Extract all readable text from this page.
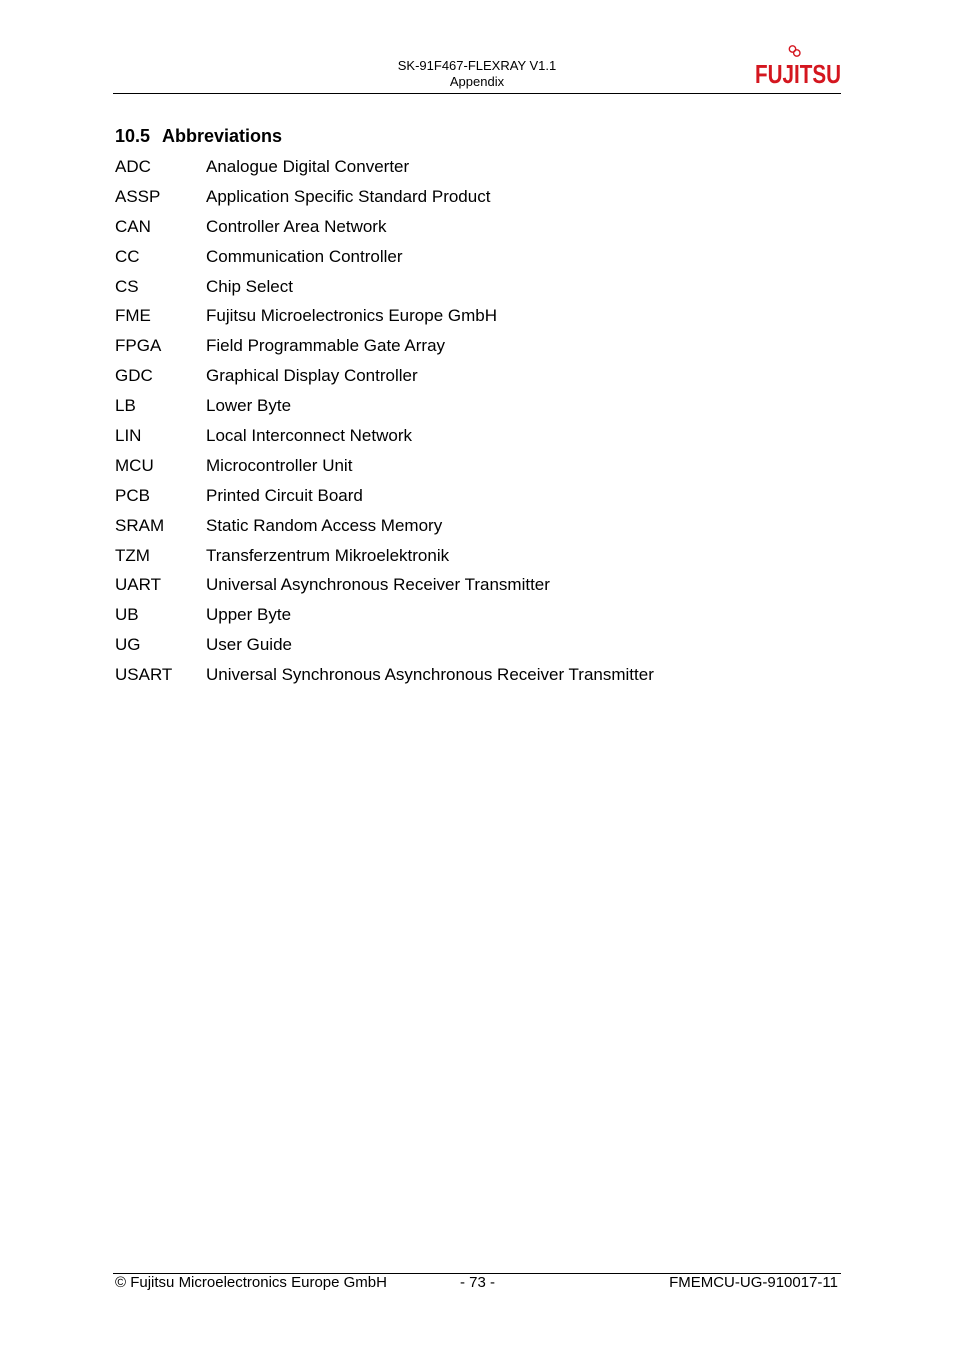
SK-91F467-FLEXRAY V1.1
Appendix	FUJITSU
10.5 Abbreviations
ADC	Analogue Digital Converter
ASSP	Application Specific Standard Product
CAN	Controller Area Network
CC	Communication Controller
CS	Chip Select
FME	Fujitsu Microelectronics Europe GmbH
FPGA	Field Programmable Gate Array
GDC	Graphical Display Controller
LB	Lower Byte
LIN	Local Interconnect Network
MCU	Microcontroller Unit
PCB	Printed Circuit Board
SRAM Static Random Access Memory
TZM	Transferzentrum Mikroelektronik
UART	Universal Asynchronous Receiver Transmitter
UB	Upper Byte
UG	User Guide
USART Universal Synchronous Asynchronous Receiver Transmitter
© Fujitsu Microelectronics Europe GmbH	- 73 -	FMEMCU-UG-910017-11
